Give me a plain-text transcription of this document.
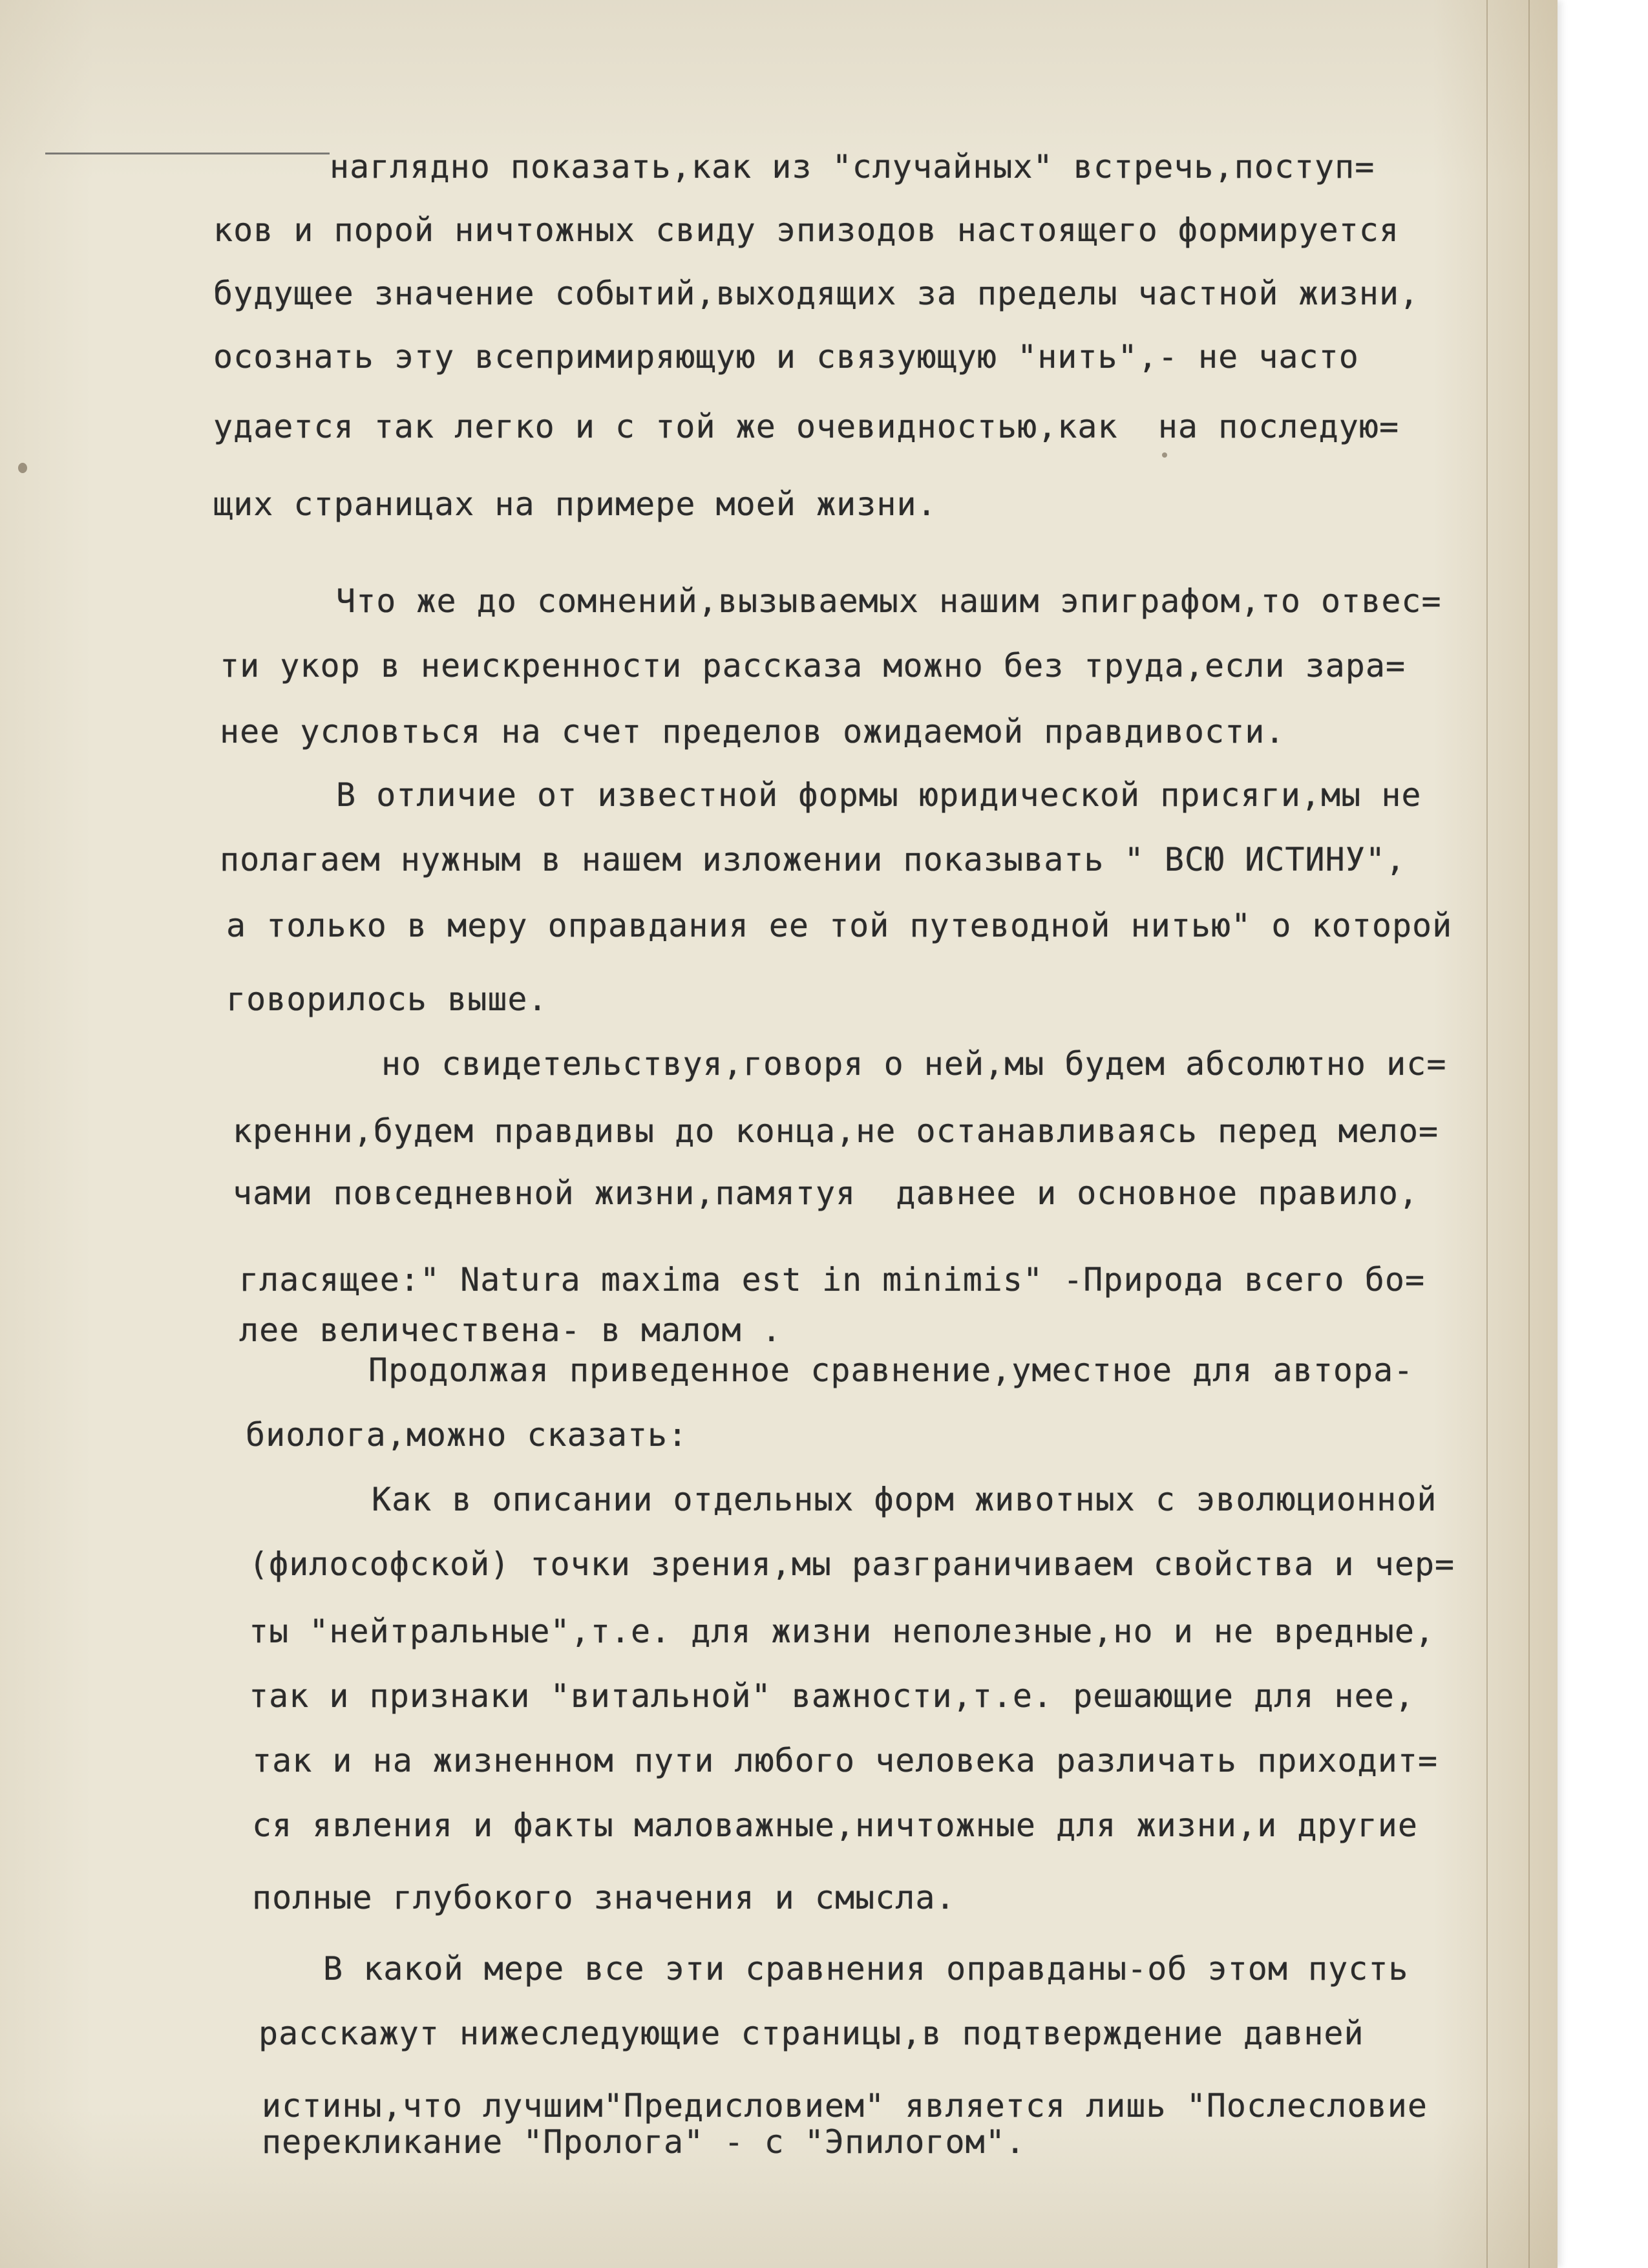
наглядно показать,как из "случайных" встречь,поступ=

ков и порой ничтожных свиду эпизодов настоящего формируется

будущее значение событий,выходящих за пределы частной жизни,

осознать эту всепримиряющую и связующую "нить",- не часто

удается так легко и с той же очевидностью,как  на последую=

щих страницах на примере моей жизни.

Что же до сомнений,вызываемых нашим эпиграфом,то отвес=

ти укор в неискренности рассказа можно без труда,если зара=

нее условться на счет пределов ожидаемой правдивости.

В отличие от известной формы юридической присяги,мы не

полагаем нужным в нашем изложении показывать " ВСЮ ИСТИНУ",

а только в меру оправдания ее той путеводной нитью" о которой

говорилось выше.

но свидетельствуя,говоря о ней,мы будем абсолютно ис=

кренни,будем правдивы до конца,не останавливаясь перед мело=

чами повседневной жизни,памятуя  давнее и основное правило,

гласящее:" Natura maxima est in minimis" -Природа всего бо=

лее величествена- в малом .

Продолжая приведенное сравнение,уместное для автора-

биолога,можно сказать:

Как в описании отдельных форм животных с эволюционной

(философской) точки зрения,мы разграничиваем свойства и чер=

ты "нейтральные",т.е. для жизни неполезные,но и не вредные,

так и признаки "витальной" важности,т.е. решающие для нее,

так и на жизненном пути любого человека различать приходит=

ся явления и факты маловажные,ничтожные для жизни,и другие

полные глубокого значения и смысла.

В какой мере все эти сравнения оправданы-об этом пусть

расскажут нижеследующие страницы,в подтверждение давней

истины,что лучшим"Предисловием" является лишь "Послесловие

перекликание "Пролога" - с "Эпилогом".
